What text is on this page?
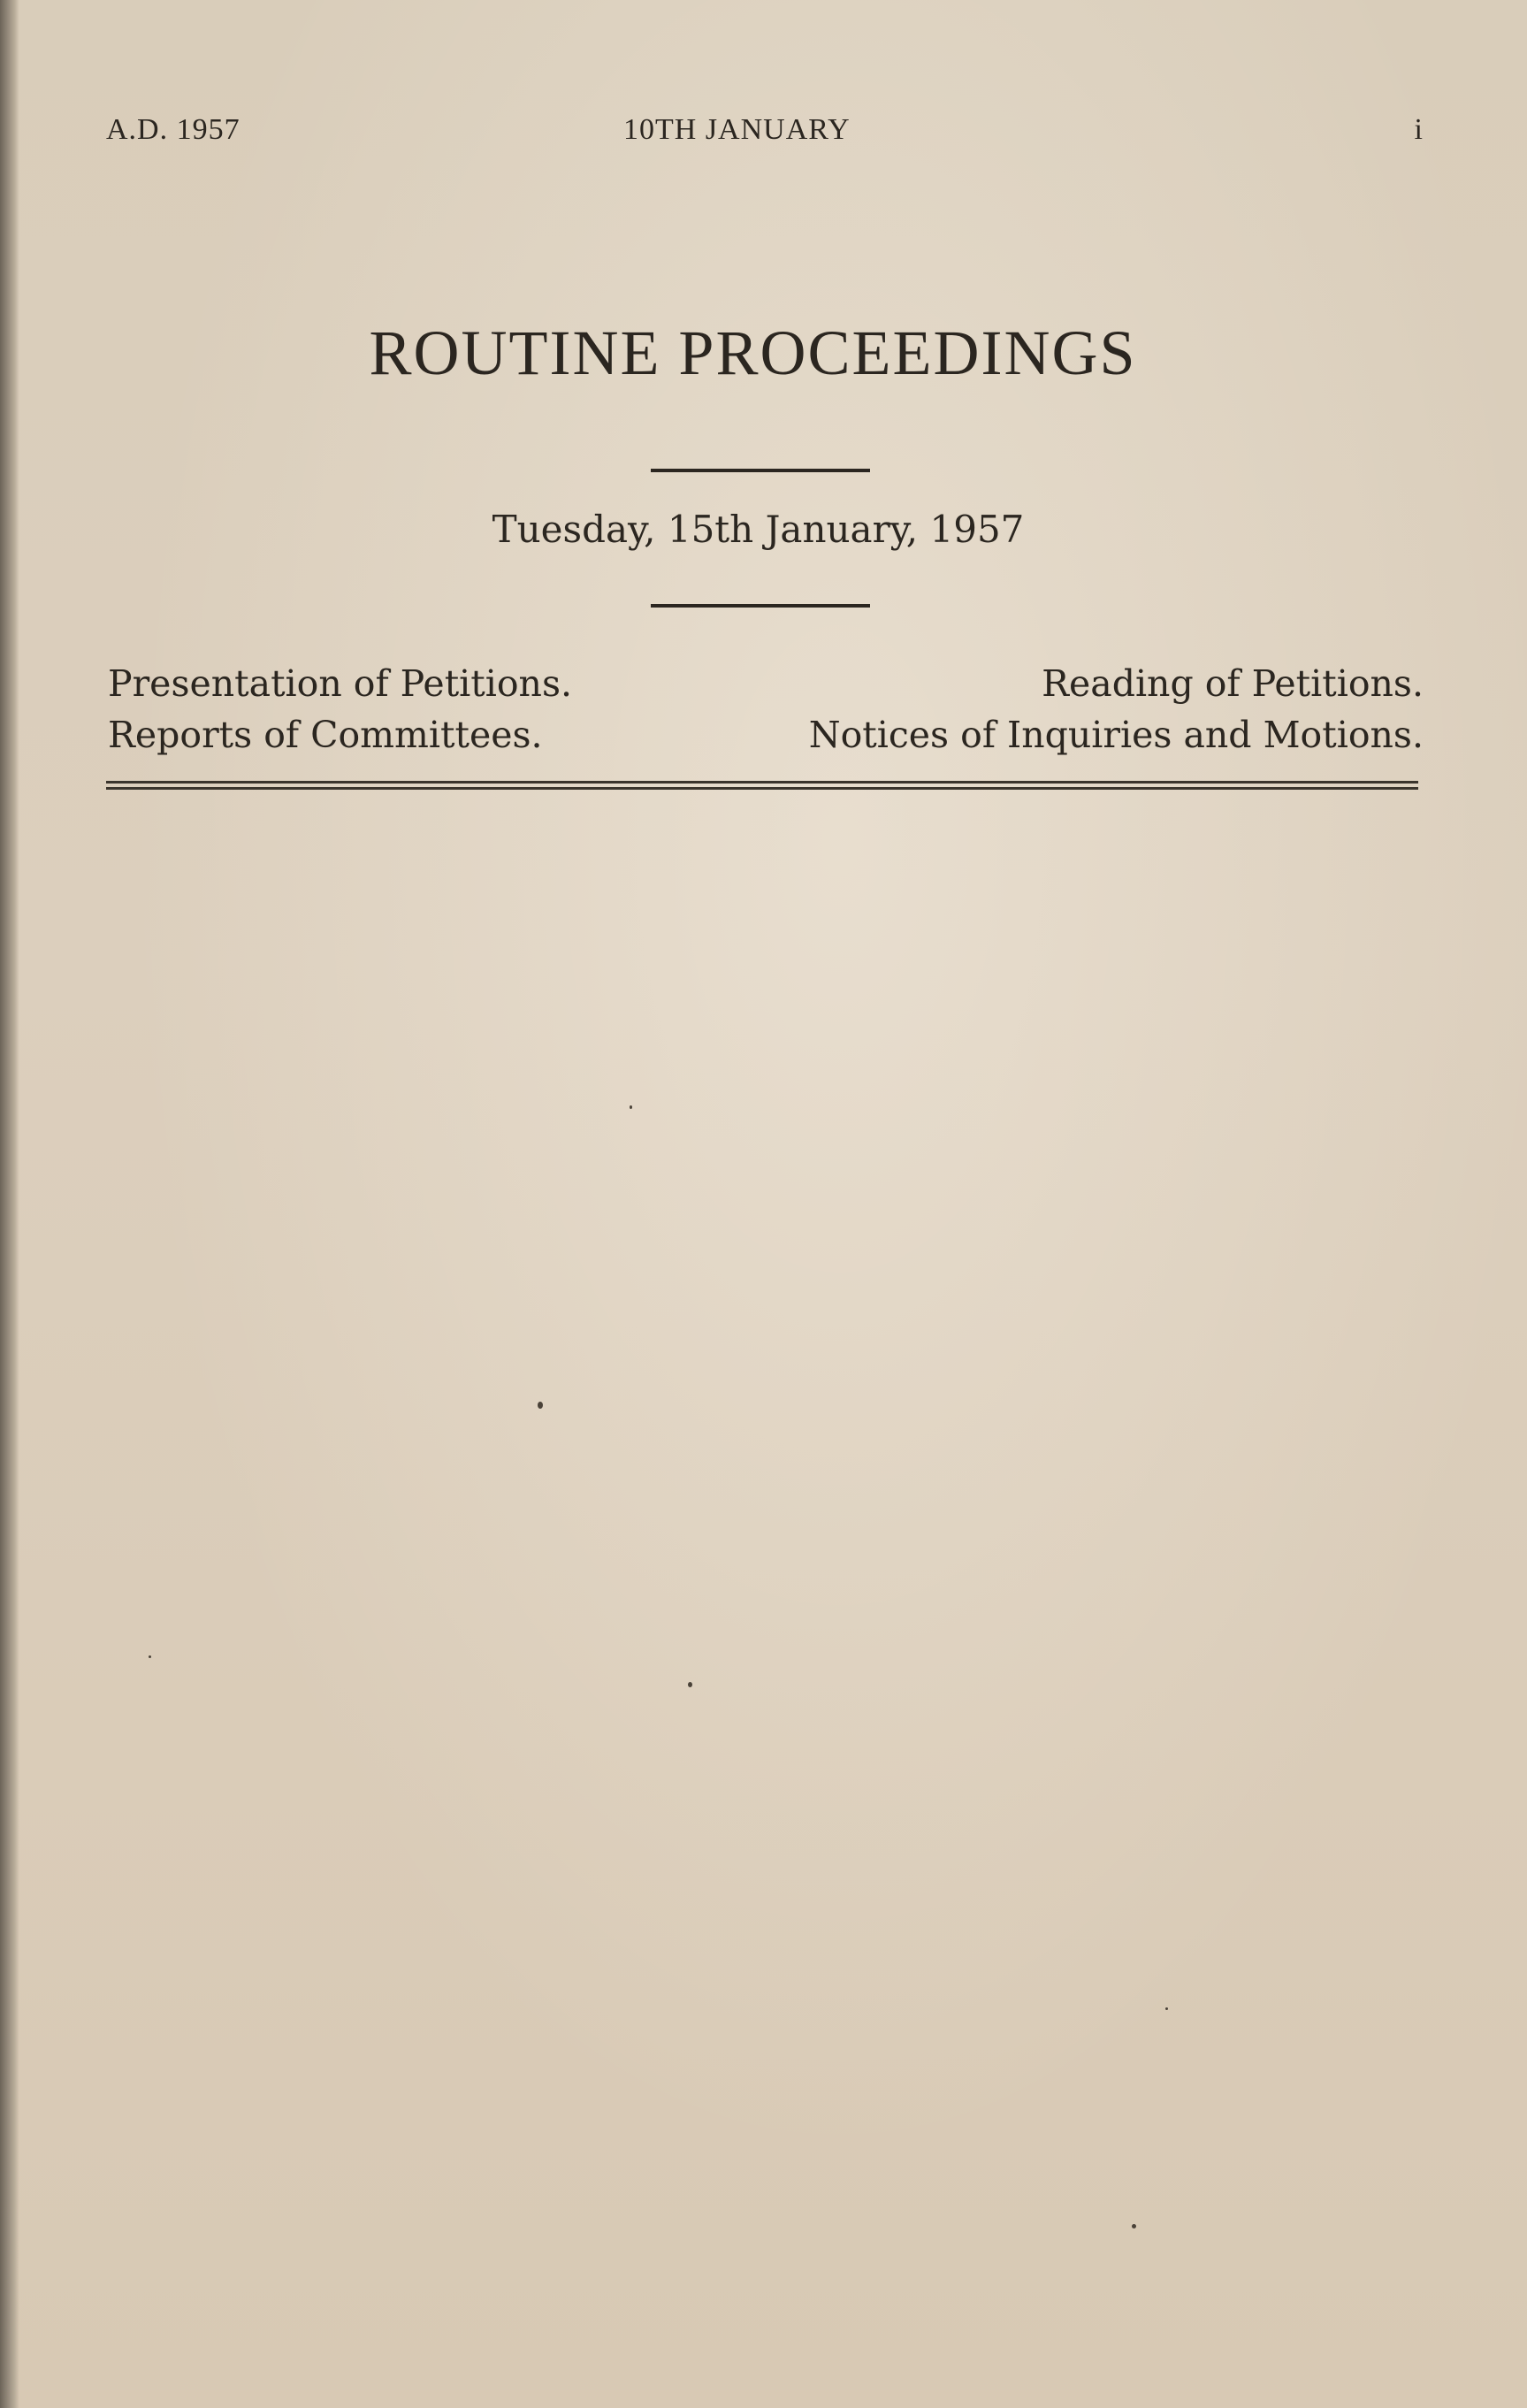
A.D. 1957	10TH JANUARY	i
ROUTINE PROCEEDINGS
Tuesday, 15th January, 1957
Presentation of Petitions.	Reading of Petitions.
Reports of Committees.	Notices of Inquiries and Motions.
